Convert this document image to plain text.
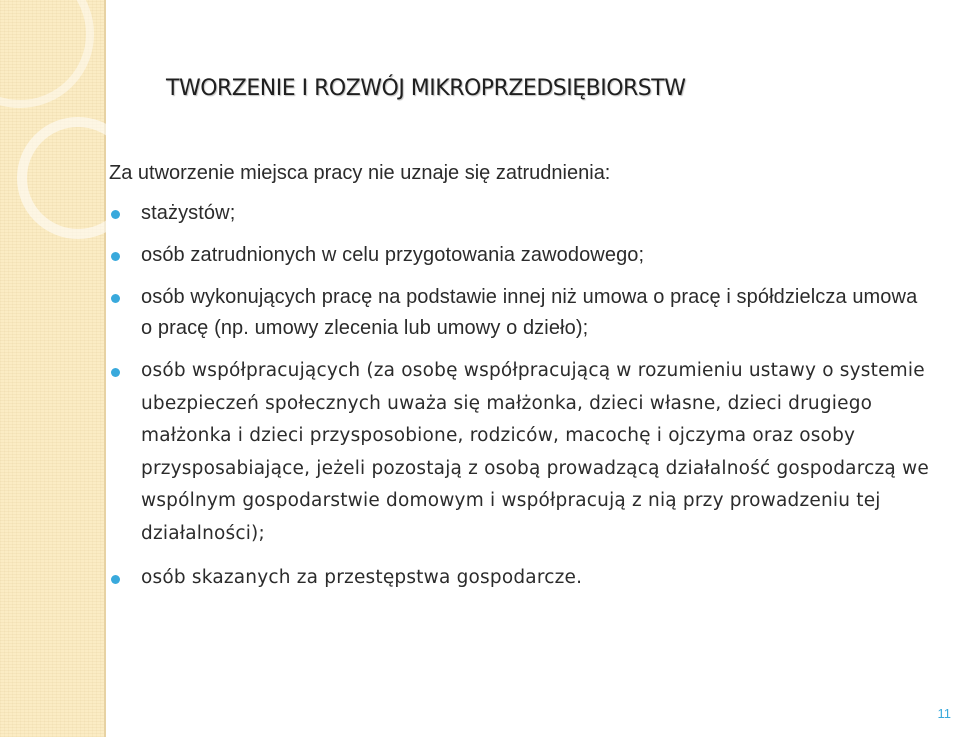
TWORZENIE I ROZWÓJ MIKROPRZEDSIĘBIORSTW
Za utworzenie miejsca pracy nie uznaje się zatrudnienia:
stażystów;
osób zatrudnionych w celu przygotowania zawodowego;
osób wykonujących pracę na podstawie innej niż umowa o pracę i spółdzielcza umowa o pracę (np. umowy zlecenia lub umowy o dzieło);
osób współpracujących (za osobę współpracującą w rozumieniu ustawy o systemie ubezpieczeń społecznych uważa się małżonka, dzieci własne, dzieci drugiego małżonka i dzieci przysposobione, rodziców, macochę i ojczyma oraz osoby przysposabiające, jeżeli pozostają z osobą prowadzącą działalność gospodarczą we wspólnym gospodarstwie domowym i współpracują z nią przy prowadzeniu tej działalności);
osób skazanych za przestępstwa gospodarcze.
11
